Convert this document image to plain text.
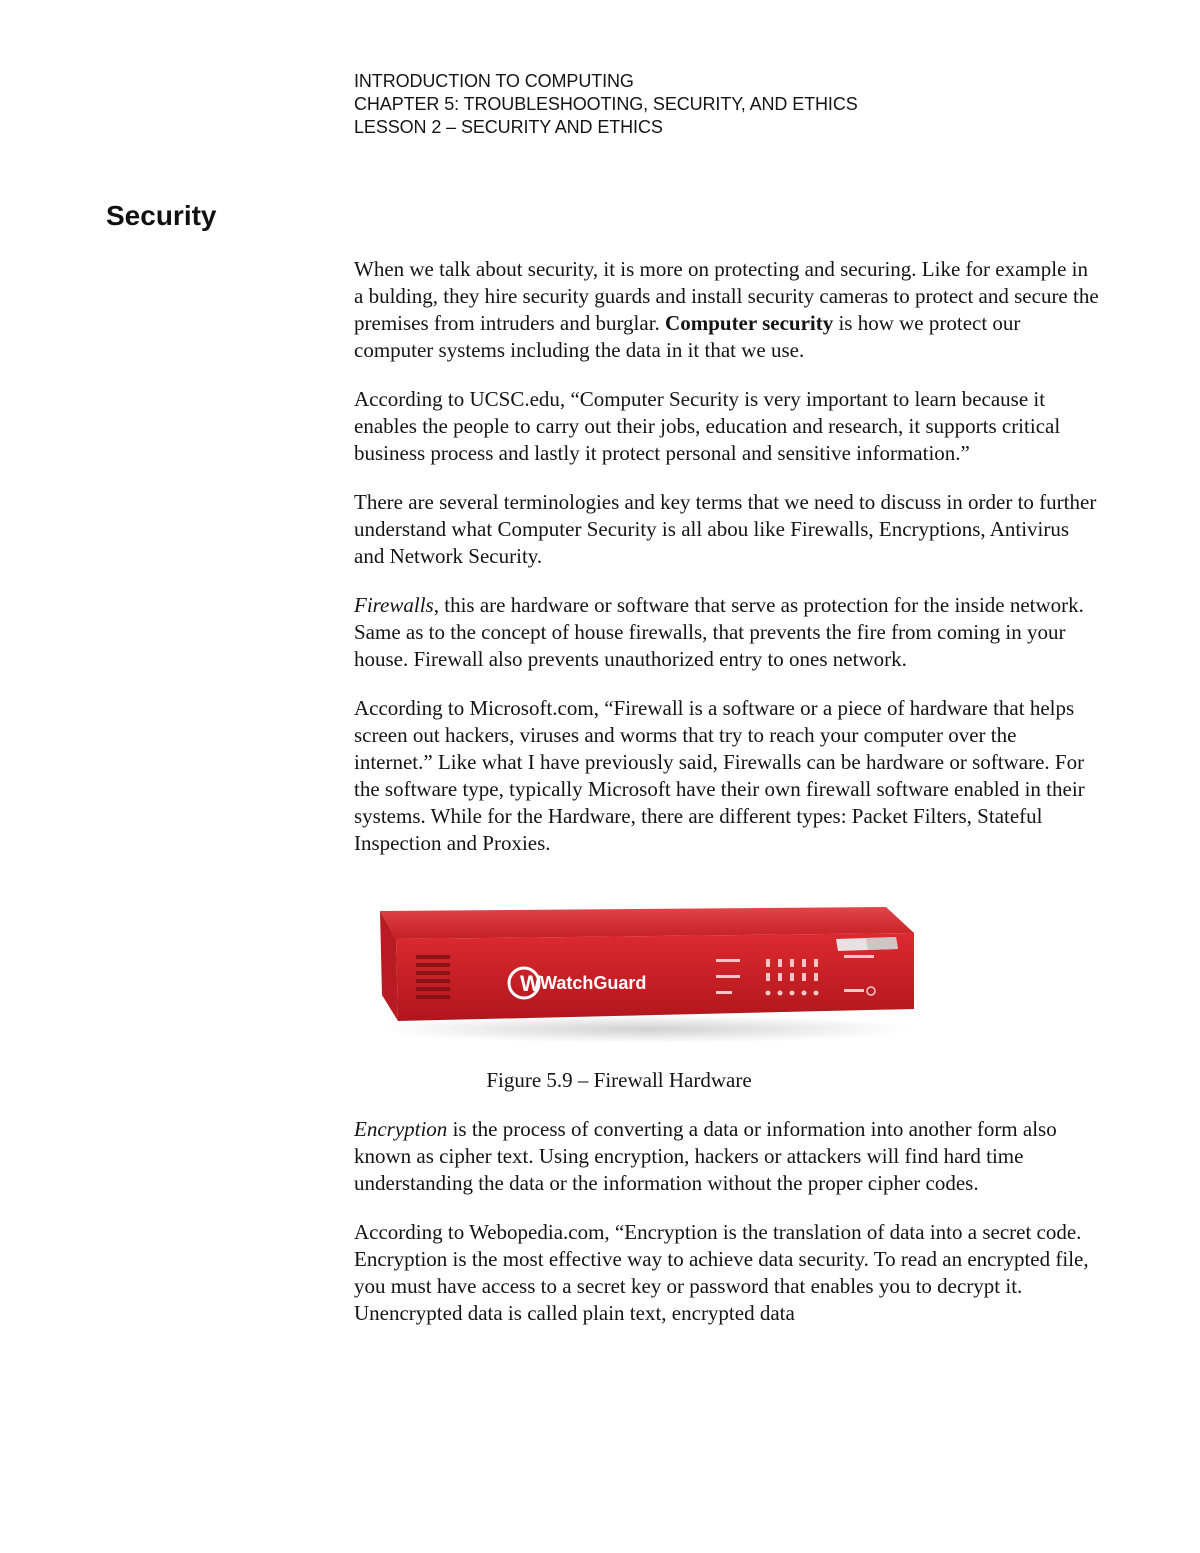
INTRODUCTION TO COMPUTING
CHAPTER 5: TROUBLESHOOTING, SECURITY, AND ETHICS
LESSON 2 – SECURITY AND ETHICS
Security

When we talk about security, it is more on protecting and securing. Like for example in a bulding, they hire security guards and install security cameras to protect and secure the premises from intruders and burglar. Computer security is how we protect our computer systems including the data in it that we use.

According to UCSC.edu, “Computer Security is very important to learn because it enables the people to carry out their jobs, education and research, it supports critical business process and lastly it protect personal and sensitive information.”

There are several terminologies and key terms that we need to discuss in order to further understand what Computer Security is all abou like Firewalls, Encryptions, Antivirus and Network Security.

Firewalls, this are hardware or software that serve as protection for the inside network. Same as to the concept of house firewalls, that prevents the fire from coming in your house. Firewall also prevents unauthorized entry to ones network.

According to Microsoft.com, “Firewall is a software or a piece of hardware that helps screen out hackers, viruses and worms that try to reach your computer over the internet.” Like what I have previously said, Firewalls can be hardware or software. For the software type, typically Microsoft have their own firewall software enabled in their systems. While for the Hardware, there are different types: Packet Filters, Stateful Inspection and Proxies.

W WatchGuard
Figure 5.9 – Firewall Hardware

Encryption is the process of converting a data or information into another form also known as cipher text. Using encryption, hackers or attackers will find hard time understanding the data or the information without the proper cipher codes.

According to Webopedia.com, “Encryption is the translation of data into a secret code. Encryption is the most effective way to achieve data security. To read an encrypted file, you must have access to a secret key or password that enables you to decrypt it. Unencrypted data is called plain text, encrypted data
